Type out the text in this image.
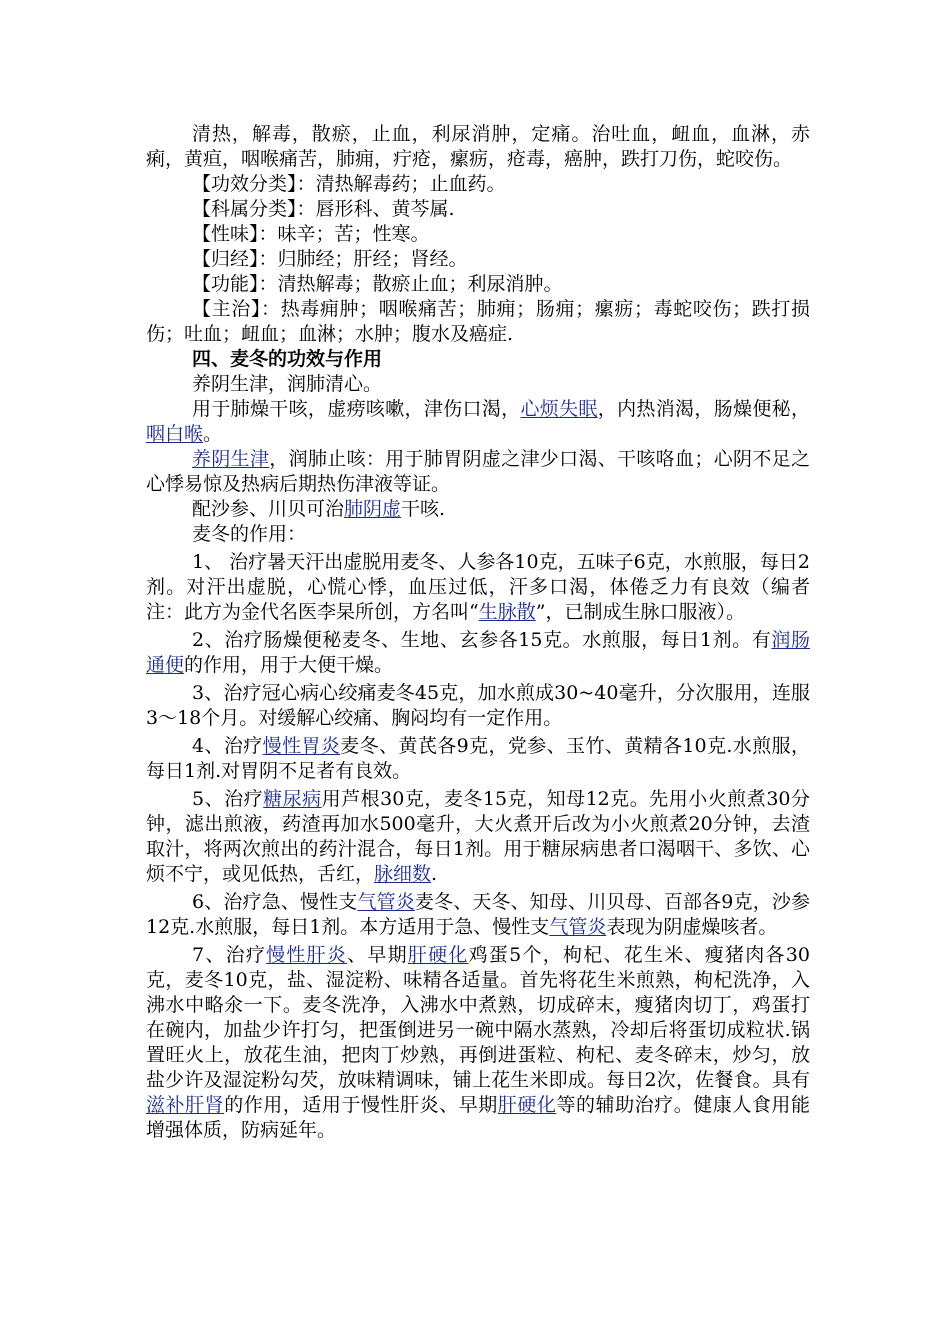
清热，解毒，散瘀，止血，利尿消肿，定痛。治吐血，衄血，血淋，赤痢，黄疸，咽喉痛苦，肺痈，疔疮，瘰疬，疮毒，癌肿，跌打刀伤，蛇咬伤。

【功效分类】：清热解毒药；止血药。

【科属分类】：唇形科、黄芩属.

【性味】：味辛；苦；性寒。

【归经】：归肺经；肝经；肾经。

【功能】：清热解毒；散瘀止血；利尿消肿。

【主治】：热毒痈肿；咽喉痛苦；肺痈；肠痈；瘰疬；毒蛇咬伤；跌打损伤；吐血；衄血；血淋；水肿；腹水及癌症.

四、麦冬的功效与作用

养阴生津，润肺清心。

用于肺燥干咳，虚痨咳嗽，津伤口渴，心烦失眠，内热消渴，肠燥便秘，咽白喉。

养阴生津，润肺止咳：用于肺胃阴虚之津少口渴、干咳咯血；心阴不足之心悸易惊及热病后期热伤津液等证。

配沙参、川贝可治肺阴虚干咳.

麦冬的作用：

1、 治疗暑天汗出虚脱用麦冬、人参各10克，五味子6克，水煎服，每日2剂。对汗出虚脱，心慌心悸，血压过低，汗多口渴，体倦乏力有良效（编者注：此方为金代名医李杲所创，方名叫“生脉散”，已制成生脉口服液）。

2、治疗肠燥便秘麦冬、生地、玄参各15克。水煎服，每日1剂。有润肠通便的作用，用于大便干燥。

3、治疗冠心病心绞痛麦冬45克，加水煎成30~40毫升，分次服用，连服3～18个月。对缓解心绞痛、胸闷均有一定作用。

4、治疗慢性胃炎麦冬、黄芪各9克，党参、玉竹、黄精各10克.水煎服，每日1剂.对胃阴不足者有良效。

5、治疗糖尿病用芦根30克，麦冬15克，知母12克。先用小火煎煮30分钟，滤出煎液，药渣再加水500毫升，大火煮开后改为小火煎煮20分钟，去渣取汁，将两次煎出的药汁混合，每日1剂。用于糖尿病患者口渴咽干、多饮、心烦不宁，或见低热，舌红，脉细数.

6、治疗急、慢性支气管炎麦冬、天冬、知母、川贝母、百部各9克，沙参12克.水煎服，每日1剂。本方适用于急、慢性支气管炎表现为阴虚燥咳者。

7、治疗慢性肝炎、早期肝硬化鸡蛋5个，枸杞、花生米、瘦猪肉各30克，麦冬10克，盐、湿淀粉、味精各适量。首先将花生米煎熟，枸杞洗净，入沸水中略氽一下。麦冬洗净，入沸水中煮熟，切成碎末，瘦猪肉切丁，鸡蛋打在碗内，加盐少许打匀，把蛋倒进另一碗中隔水蒸熟，冷却后将蛋切成粒状.锅置旺火上，放花生油，把肉丁炒熟，再倒进蛋粒、枸杞、麦冬碎末，炒匀，放盐少许及湿淀粉勾芡，放味精调味，铺上花生米即成。每日2次，佐餐食。具有滋补肝肾的作用，适用于慢性肝炎、早期肝硬化等的辅助治疗。健康人食用能增强体质，防病延年。
